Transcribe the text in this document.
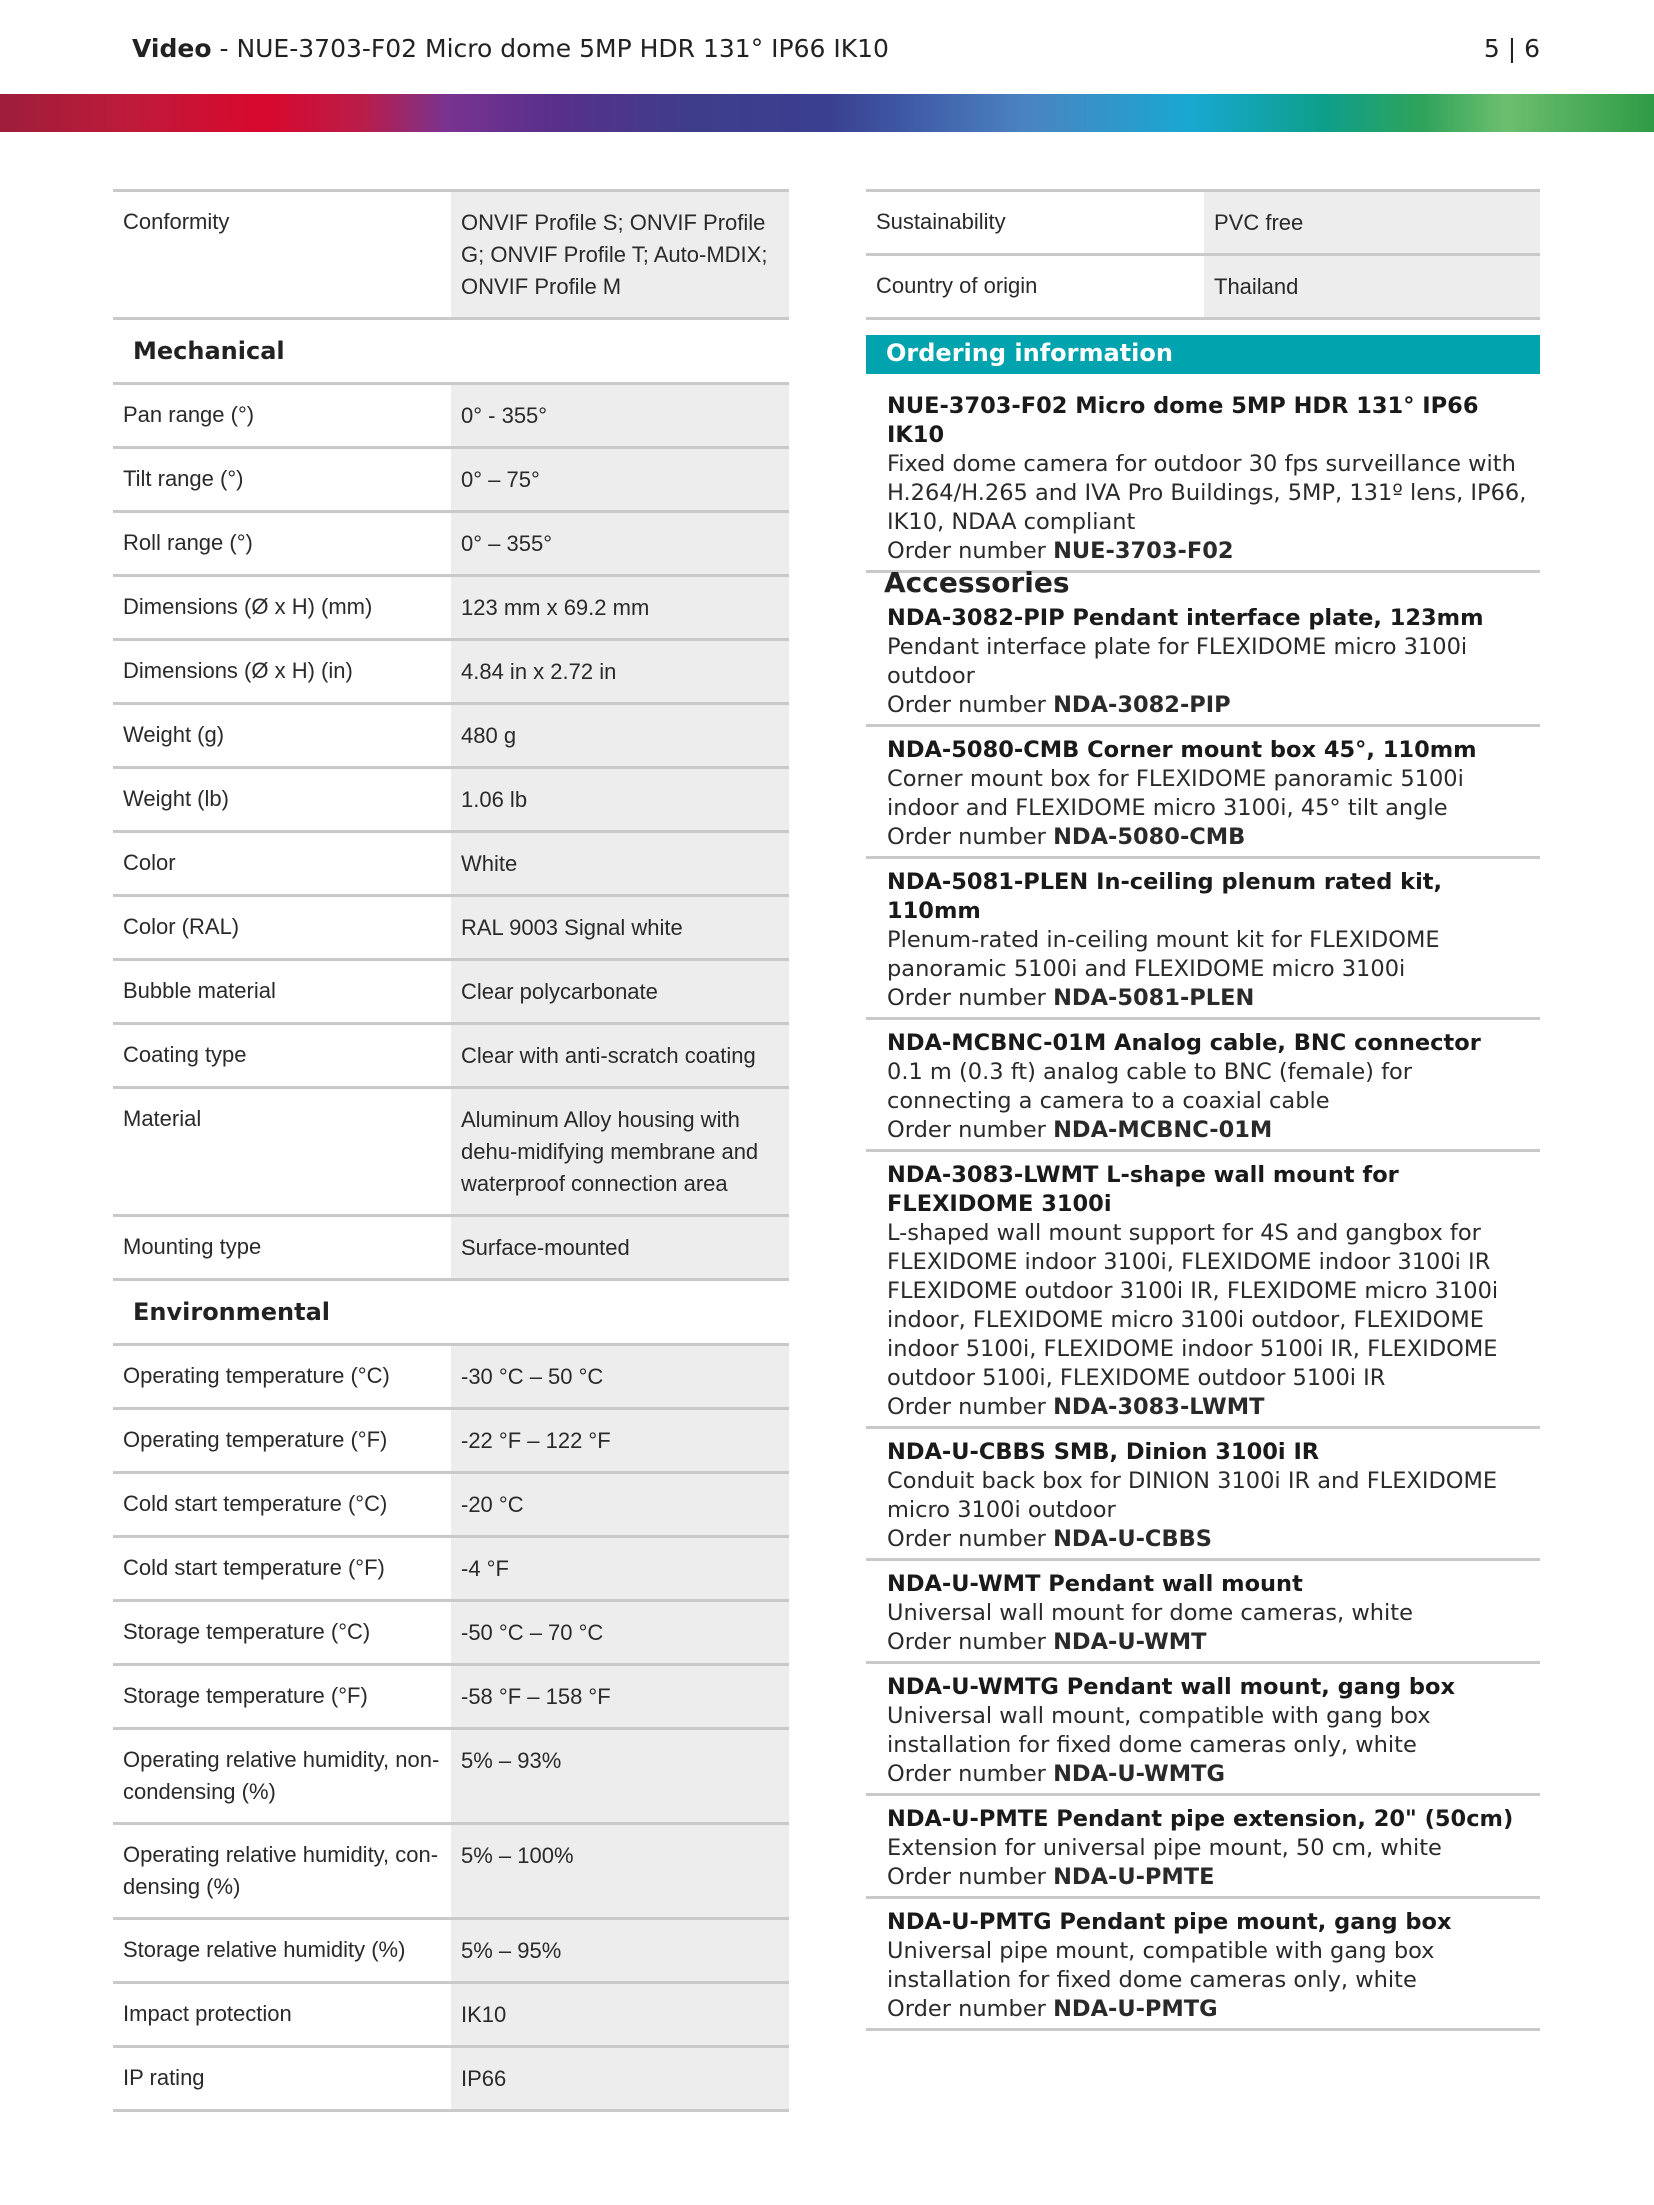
Video - NUE-3703-F02 Micro dome 5MP HDR 131° IP66 IK10	5 | 6
Conformity	ONVIF Profile S; ONVIF Profile G; ONVIF Profile T; Auto-MDIX; ONVIF Profile M
Mechanical	
Pan range (°)	0° - 355°
Tilt range (°)	0° – 75°
Roll range (°)	0° – 355°
Dimensions (Ø x H) (mm)	123 mm x 69.2 mm
Dimensions (Ø x H) (in)	4.84 in x 2.72 in
Weight (g)	480 g
Weight (lb)	1.06 lb
Color	White
Color (RAL)	RAL 9003 Signal white
Bubble material	Clear polycarbonate
Coating type	Clear with anti-scratch coating
Material	Aluminum Alloy housing with dehu-midifying membrane and waterproof connection area
Mounting type	Surface-mounted
Environmental	
Operating temperature (°C)	-30 °C – 50 °C
Operating temperature (°F)	-22 °F – 122 °F
Cold start temperature (°C)	-20 °C
Cold start temperature (°F)	-4 °F
Storage temperature (°C)	-50 °C – 70 °C
Storage temperature (°F)	-58 °F – 158 °F
Operating relative humidity, non-condensing (%)	5% – 93%
Operating relative humidity, con-densing (%)	5% – 100%
Storage relative humidity (%)	5% – 95%
Impact protection	IK10
IP rating	IP66
Sustainability	PVC free
Country of origin	Thailand
Ordering information
NUE-3703-F02 Micro dome 5MP HDR 131° IP66 IK10
Fixed dome camera for outdoor 30 fps surveillance with H.264/H.265 and IVA Pro Buildings, 5MP, 131º lens, IP66, IK10, NDAA compliant
Order number NUE-3703-F02
Accessories
NDA-3082-PIP Pendant interface plate, 123mm
Pendant interface plate for FLEXIDOME micro 3100i outdoor
Order number NDA-3082-PIP
NDA-5080-CMB Corner mount box 45°, 110mm
Corner mount box for FLEXIDOME panoramic 5100i indoor and FLEXIDOME micro 3100i, 45° tilt angle
Order number NDA-5080-CMB
NDA-5081-PLEN In-ceiling plenum rated kit, 110mm
Plenum-rated in-ceiling mount kit for FLEXIDOME panoramic 5100i and FLEXIDOME micro 3100i
Order number NDA-5081-PLEN
NDA-MCBNC-01M Analog cable, BNC connector
0.1 m (0.3 ft) analog cable to BNC (female) for connecting a camera to a coaxial cable
Order number NDA-MCBNC-01M
NDA-3083-LWMT L-shape wall mount for FLEXIDOME 3100i
L-shaped wall mount support for 4S and gangbox for FLEXIDOME indoor 3100i, FLEXIDOME indoor 3100i IR FLEXIDOME outdoor 3100i IR, FLEXIDOME micro 3100i indoor, FLEXIDOME micro 3100i outdoor, FLEXIDOME indoor 5100i, FLEXIDOME indoor 5100i IR, FLEXIDOME outdoor 5100i, FLEXIDOME outdoor 5100i IR
Order number NDA-3083-LWMT
NDA-U-CBBS SMB, Dinion 3100i IR
Conduit back box for DINION 3100i IR and FLEXIDOME micro 3100i outdoor
Order number NDA-U-CBBS
NDA-U-WMT Pendant wall mount
Universal wall mount for dome cameras, white
Order number NDA-U-WMT
NDA-U-WMTG Pendant wall mount, gang box
Universal wall mount, compatible with gang box installation for fixed dome cameras only, white
Order number NDA-U-WMTG
NDA-U-PMTE Pendant pipe extension, 20" (50cm)
Extension for universal pipe mount, 50 cm, white
Order number NDA-U-PMTE
NDA-U-PMTG Pendant pipe mount, gang box
Universal pipe mount, compatible with gang box installation for fixed dome cameras only, white
Order number NDA-U-PMTG
